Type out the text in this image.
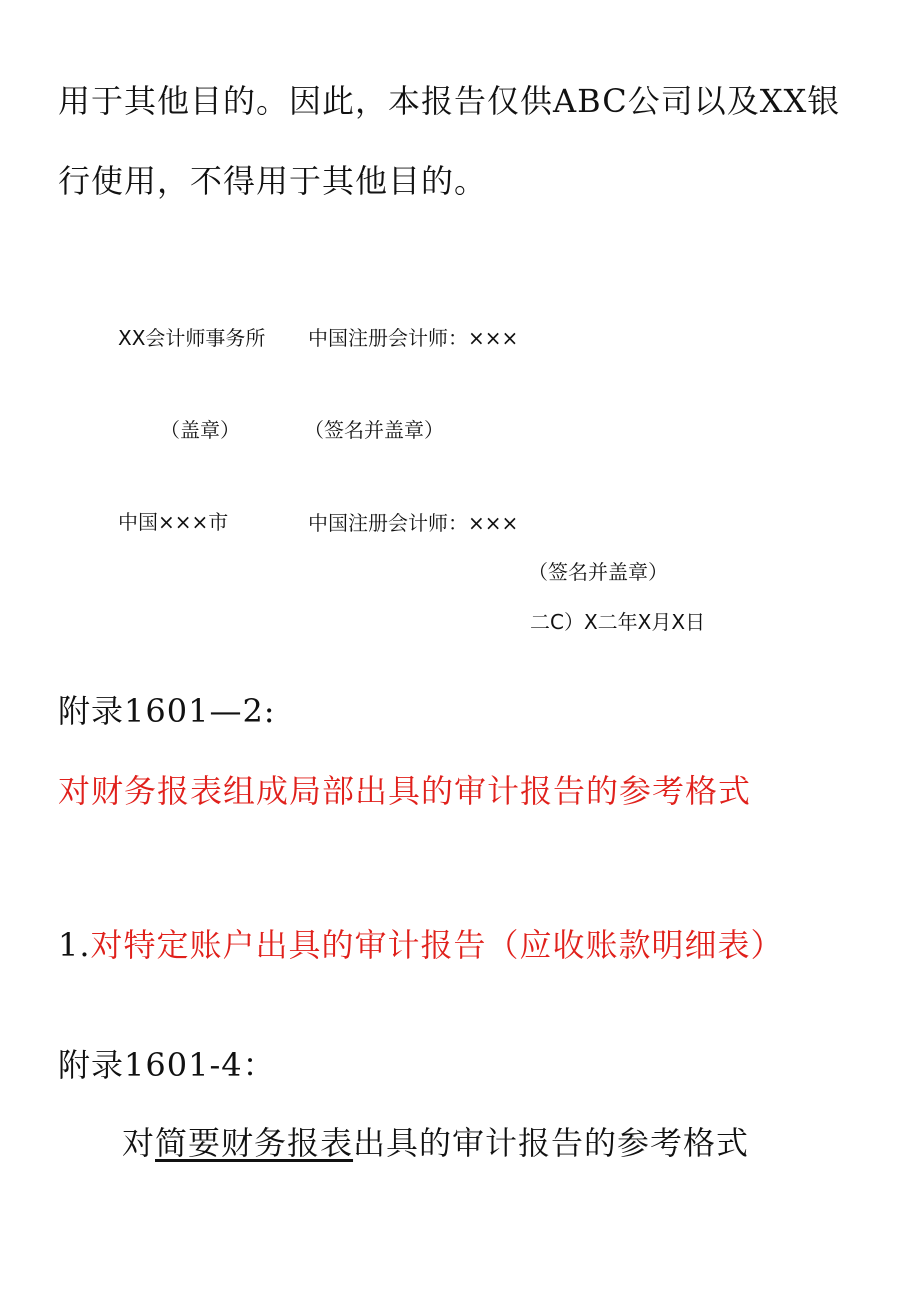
用于其他目的。因此，本报告仅供ABC公司以及XX银
行使用，不得用于其他目的。
XX会计师事务所 中国注册会计师：×××
（盖章）	（签名并盖章）
中国×××市	中国注册会计师：×××
（签名并盖章）
二C）X二年X月X日
附录1601—2:
对财务报表组成局部出具的审计报告的参考格式
1.对特定账户出具的审计报告（应收账款明细表）
附录1601-4：
对简要财务报表出具的审计报告的参考格式
